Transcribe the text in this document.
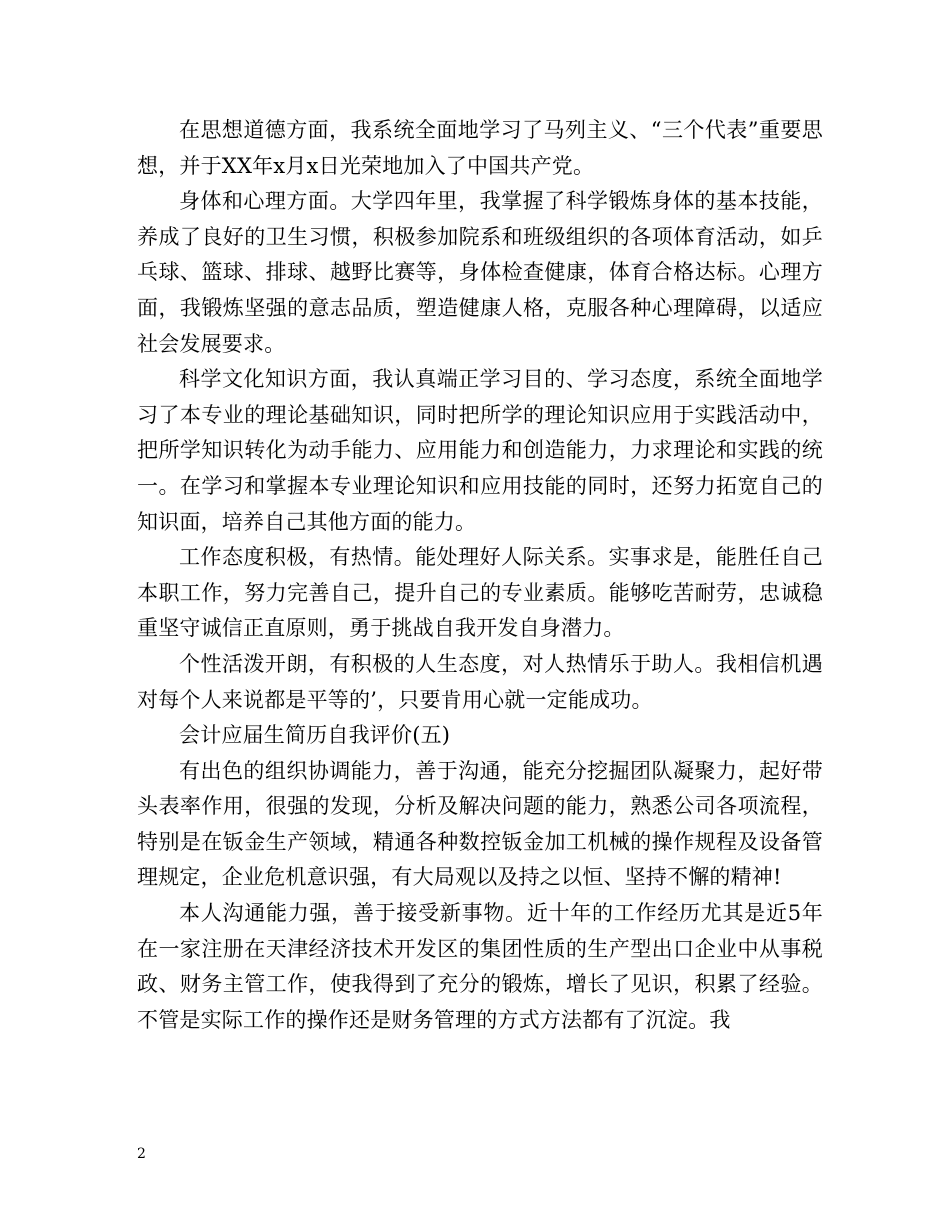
在思想道德方面，我系统全面地学习了马列主义、“三个代表”重要思想，并于XX年x月x日光荣地加入了中国共产党。

身体和心理方面。大学四年里，我掌握了科学锻炼身体的基本技能，养成了良好的卫生习惯，积极参加院系和班级组织的各项体育活动，如乒乓球、篮球、排球、越野比赛等，身体检查健康，体育合格达标。心理方面，我锻炼坚强的意志品质，塑造健康人格，克服各种心理障碍，以适应社会发展要求。

科学文化知识方面，我认真端正学习目的、学习态度，系统全面地学习了本专业的理论基础知识，同时把所学的理论知识应用于实践活动中，把所学知识转化为动手能力、应用能力和创造能力，力求理论和实践的统一。在学习和掌握本专业理论知识和应用技能的同时，还努力拓宽自己的知识面，培养自己其他方面的能力。

工作态度积极，有热情。能处理好人际关系。实事求是，能胜任自己本职工作，努力完善自己，提升自己的专业素质。能够吃苦耐劳，忠诚稳重坚守诚信正直原则，勇于挑战自我开发自身潜力。

个性活泼开朗，有积极的人生态度，对人热情乐于助人。我相信机遇对每个人来说都是平等的’，只要肯用心就一定能成功。

会计应届生简历自我评价(五)

有出色的组织协调能力，善于沟通，能充分挖掘团队凝聚力，起好带头表率作用，很强的发现，分析及解决问题的能力，熟悉公司各项流程，特别是在钣金生产领域，精通各种数控钣金加工机械的操作规程及设备管理规定，企业危机意识强，有大局观以及持之以恒、坚持不懈的精神!

本人沟通能力强，善于接受新事物。近十年的工作经历尤其是近5年在一家注册在天津经济技术开发区的集团性质的生产型出口企业中从事税政、财务主管工作，使我得到了充分的锻炼，增长了见识，积累了经验。不管是实际工作的操作还是财务管理的方式方法都有了沉淀。我

2
